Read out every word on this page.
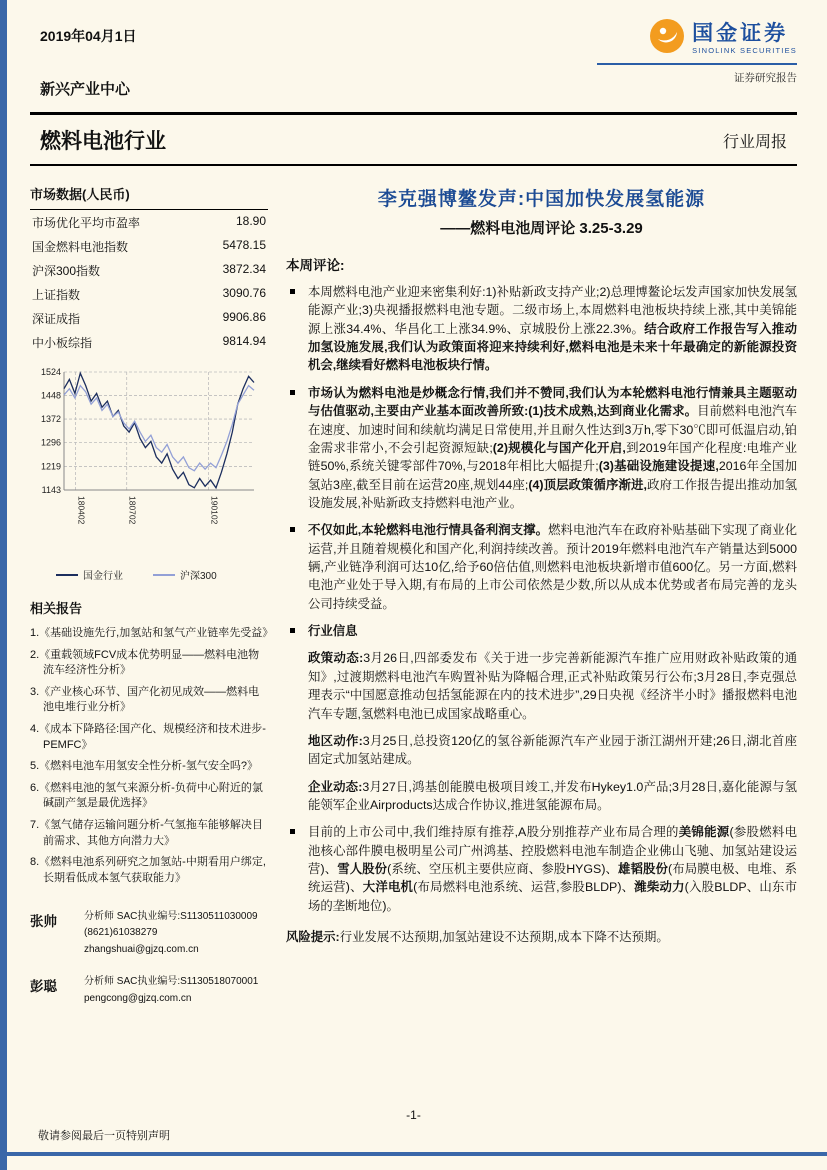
2019年04月1日	国金证券
SINOLINK SECURITIES
证券研究报告
新兴产业中心
燃料电池行业	行业周报
市场数据(人民币)
市场优化平均市盈率	18.90
国金燃料电池指数	5478.15
沪深300指数	3872.34
上证指数	3090.76
深证成指	9906.86
中小板综指	9814.94
1524
1448
1372
1296
1219
1143
180402	180702	190102
国金行业	沪深300
相关报告
1.《基础设施先行,加氢站和氢气产业链率先受益》
2.《重载领域FCV成本优势明显——燃料电池物流车经济性分析》
3.《产业核心环节、国产化初见成效——燃料电池电堆行业分析》
4.《成本下降路径:国产化、规模经济和技术进步-PEMFC》
5.《燃料电池车用氢安全性分析-氢气安全吗?》
6.《燃料电池的氢气来源分析-负荷中心附近的氯碱副产氢是最优选择》
7.《氢气储存运输问题分析-气氢拖车能够解决目前需求、其他方向潜力大》
8.《燃料电池系列研究之加氢站-中期看用户绑定,长期看低成本氢气获取能力》
张帅	分析师 SAC执业编号:S1130511030009
(8621)61038279
zhangshuai@gjzq.com.cn
彭聪	分析师 SAC执业编号:S1130518070001
pengcong@gjzq.com.cn
李克强博鳌发声:中国加快发展氢能源
——燃料电池周评论 3.25-3.29
本周评论:
本周燃料电池产业迎来密集利好:1)补贴新政支持产业;2)总理博鳌论坛发声国家加快发展氢能源产业;3)央视播报燃料电池专题。二级市场上,本周燃料电池板块持续上涨,其中美锦能源上涨34.4%、华昌化工上涨34.9%、京城股份上涨22.3%。结合政府工作报告写入推动加氢设施发展,我们认为政策面将迎来持续利好,燃料电池是未来十年最确定的新能源投资机会,继续看好燃料电池板块行情。
市场认为燃料电池是炒概念行情,我们并不赞同,我们认为本轮燃料电池行情兼具主题驱动与估值驱动,主要由产业基本面改善所致:(1)技术成熟,达到商业化需求。目前燃料电池汽车在速度、加速时间和续航均满足日常使用,并且耐久性达到3万h,零下30℃即可低温启动,铂金需求非常小,不会引起资源短缺;(2)规模化与国产化开启,到2019年国产化程度:电堆产业链50%,系统关键零部件70%,与2018年相比大幅提升;(3)基础设施建设提速,2016年全国加氢站3座,截至目前在运营20座,规划44座;(4)顶层政策循序渐进,政府工作报告提出推动加氢设施发展,补贴新政支持燃料电池产业。
不仅如此,本轮燃料电池行情具备利润支撑。燃料电池汽车在政府补贴基础下实现了商业化运营,并且随着规模化和国产化,利润持续改善。预计2019年燃料电池汽车产销量达到5000辆,产业链净利润可达10亿,给予60倍估值,则燃料电池板块新增市值600亿。另一方面,燃料电池产业处于导入期,有布局的上市公司依然是少数,所以从成本优势或者布局完善的龙头公司持续受益。
行业信息
政策动态:3月26日,四部委发布《关于进一步完善新能源汽车推广应用财政补贴政策的通知》,过渡期燃料电池汽车购置补贴为降幅合理,正式补贴政策另行公布;3月28日,李克强总理表示“中国愿意推动包括氢能源在内的技术进步”,29日央视《经济半小时》播报燃料电池汽车专题,氢燃料电池已成国家战略重心。
地区动作:3月25日,总投资120亿的氢谷新能源汽车产业园于浙江湖州开建;26日,湖北首座固定式加氢站建成。
企业动态:3月27日,鸿基创能膜电极项目竣工,并发布Hykey1.0产品;3月28日,嘉化能源与氢能领军企业Airproducts达成合作协议,推进氢能源布局。
目前的上市公司中,我们维持原有推荐,A股分别推荐产业布局合理的美锦能源(参股燃料电池核心部件膜电极明星公司广州鸿基、控股燃料电池车制造企业佛山飞驰、加氢站建设运营)、雪人股份(系统、空压机主要供应商、参股HYGS)、雄韬股份(布局膜电极、电堆、系统运营)、大洋电机(布局燃料电池系统、运营,参股BLDP)、潍柴动力(入股BLDP、山东市场的垄断地位)。
风险提示:行业发展不达预期,加氢站建设不达预期,成本下降不达预期。
-1-
敬请参阅最后一页特别声明
